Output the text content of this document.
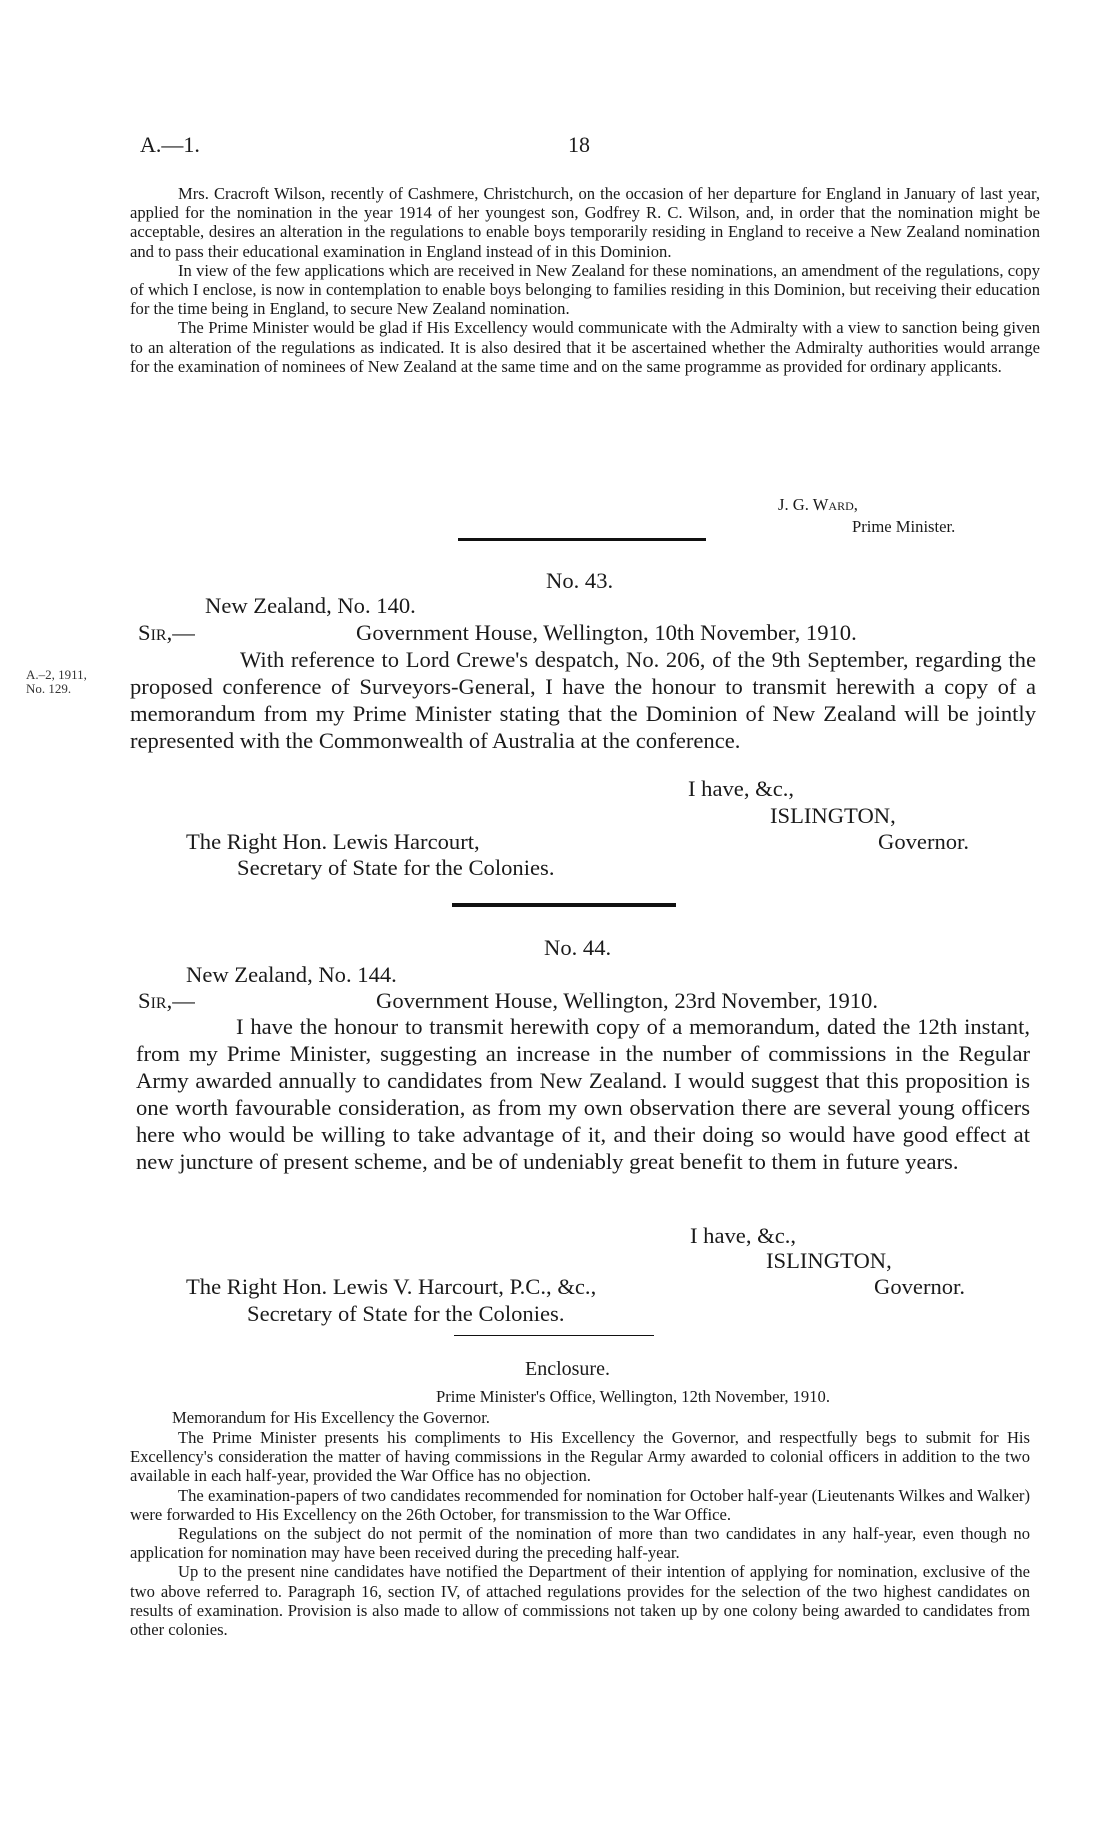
A.—1.	18

Mrs. Cracroft Wilson, recently of Cashmere, Christchurch, on the occasion of her departure for England in January of last year, applied for the nomination in the year 1914 of her youngest son, Godfrey R. C. Wilson, and, in order that the nomination might be acceptable, desires an alteration in the regulations to enable boys temporarily residing in England to receive a New Zealand nomination and to pass their educational examination in England instead of in this Dominion.

In view of the few applications which are received in New Zealand for these nominations, an amendment of the regulations, copy of which I enclose, is now in contemplation to enable boys belonging to families residing in this Dominion, but receiving their education for the time being in England, to secure New Zealand nomination.

The Prime Minister would be glad if His Excellency would communicate with the Admiralty with a view to sanction being given to an alteration of the regulations as indicated. It is also desired that it be ascertained whether the Admiralty authorities would arrange for the examination of nominees of New Zealand at the same time and on the same programme as provided for ordinary applicants.

J. G. Ward,
Prime Minister.
No. 43.
New Zealand, No. 140.
Sir,—	Government House, Wellington, 10th November, 1910.
A.–2, 1911,
No. 129.

With reference to Lord Crewe's despatch, No. 206, of the 9th September, regarding the proposed conference of Surveyors-General, I have the honour to transmit herewith a copy of a memorandum from my Prime Minister stating that the Dominion of New Zealand will be jointly represented with the Commonwealth of Australia at the conference.

I have, &c.,
ISLINGTON,
The Right Hon. Lewis Harcourt,	Governor.
Secretary of State for the Colonies.
No. 44.
New Zealand, No. 144.
Sir,—	Government House, Wellington, 23rd November, 1910.

I have the honour to transmit herewith copy of a memorandum, dated the 12th instant, from my Prime Minister, suggesting an increase in the number of commissions in the Regular Army awarded annually to candidates from New Zealand. I would suggest that this proposition is one worth favourable consideration, as from my own observation there are several young officers here who would be willing to take advantage of it, and their doing so would have good effect at new juncture of present scheme, and be of undeniably great benefit to them in future years.

I have, &c.,
ISLINGTON,
The Right Hon. Lewis V. Harcourt, P.C., &c.,	Governor.
Secretary of State for the Colonies.
Enclosure.
Prime Minister's Office, Wellington, 12th November, 1910.
Memorandum for His Excellency the Governor.

The Prime Minister presents his compliments to His Excellency the Governor, and respectfully begs to submit for His Excellency's consideration the matter of having commissions in the Regular Army awarded to colonial officers in addition to the two available in each half-year, provided the War Office has no objection.

The examination-papers of two candidates recommended for nomination for October half-year (Lieutenants Wilkes and Walker) were forwarded to His Excellency on the 26th October, for transmission to the War Office.

Regulations on the subject do not permit of the nomination of more than two candidates in any half-year, even though no application for nomination may have been received during the preceding half-year.

Up to the present nine candidates have notified the Department of their intention of applying for nomination, exclusive of the two above referred to. Paragraph 16, section IV, of attached regulations provides for the selection of the two highest candidates on results of examination. Provision is also made to allow of commissions not taken up by one colony being awarded to candidates from other colonies.
